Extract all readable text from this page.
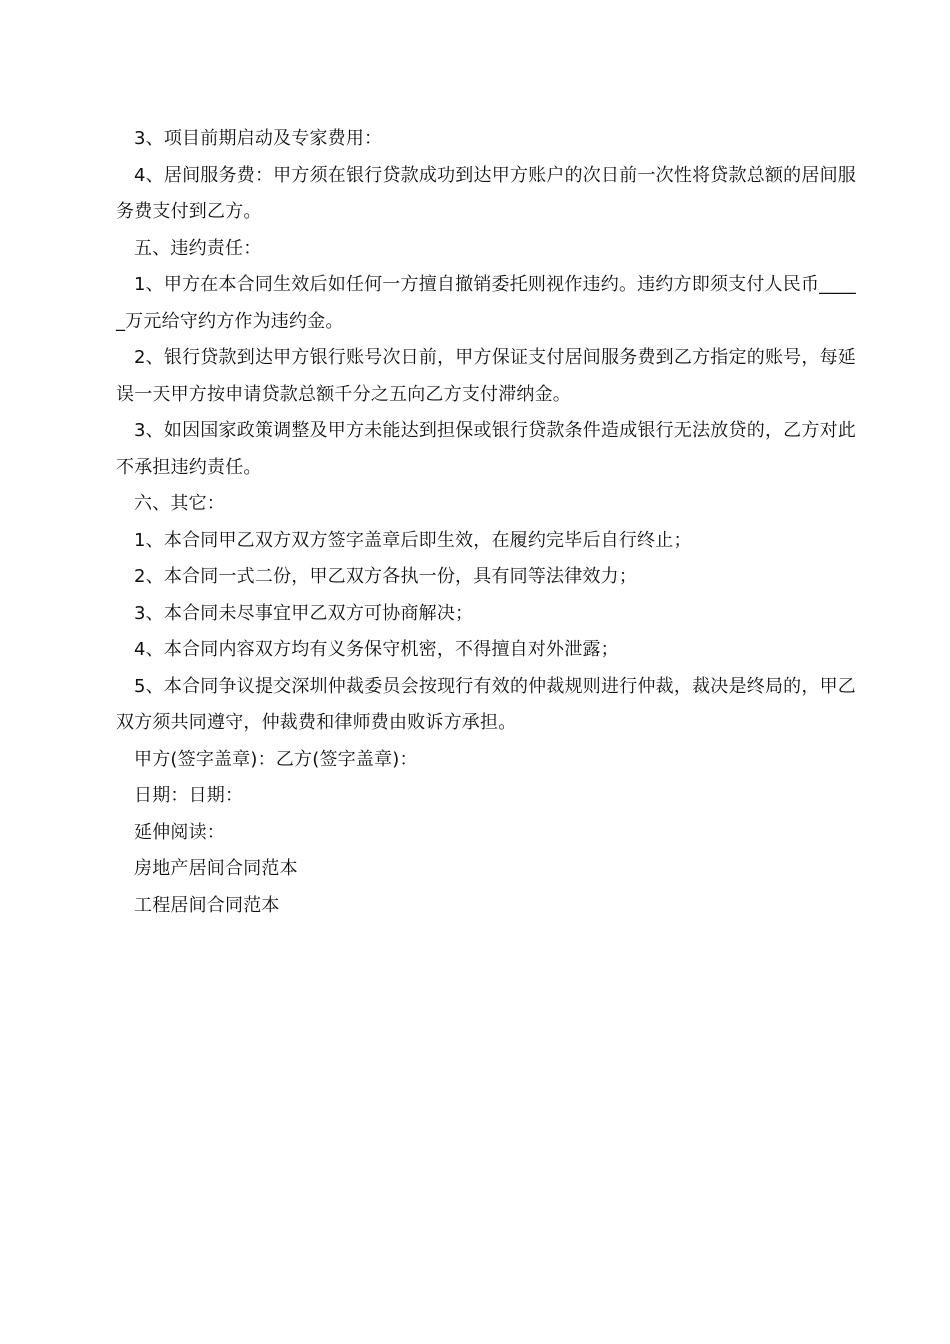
3、项目前期启动及专家费用：

4、居间服务费：甲方须在银行贷款成功到达甲方账户的次日前一次性将贷款总额的居间服务费支付到乙方。

五、违约责任：

1、甲方在本合同生效后如任何一方擅自撤销委托则视作违约。违约方即须支付人民币_____万元给守约方作为违约金。

2、银行贷款到达甲方银行账号次日前，甲方保证支付居间服务费到乙方指定的账号，每延误一天甲方按申请贷款总额千分之五向乙方支付滞纳金。

3、如因国家政策调整及甲方未能达到担保或银行贷款条件造成银行无法放贷的，乙方对此不承担违约责任。

六、其它：

1、本合同甲乙双方双方签字盖章后即生效，在履约完毕后自行终止；

2、本合同一式二份，甲乙双方各执一份，具有同等法律效力；

3、本合同未尽事宜甲乙双方可协商解决；

4、本合同内容双方均有义务保守机密，不得擅自对外泄露；

5、本合同争议提交深圳仲裁委员会按现行有效的仲裁规则进行仲裁，裁决是终局的，甲乙双方须共同遵守，仲裁费和律师费由败诉方承担。

甲方(签字盖章)：乙方(签字盖章)：

日期：日期：

延伸阅读：

房地产居间合同范本

工程居间合同范本
